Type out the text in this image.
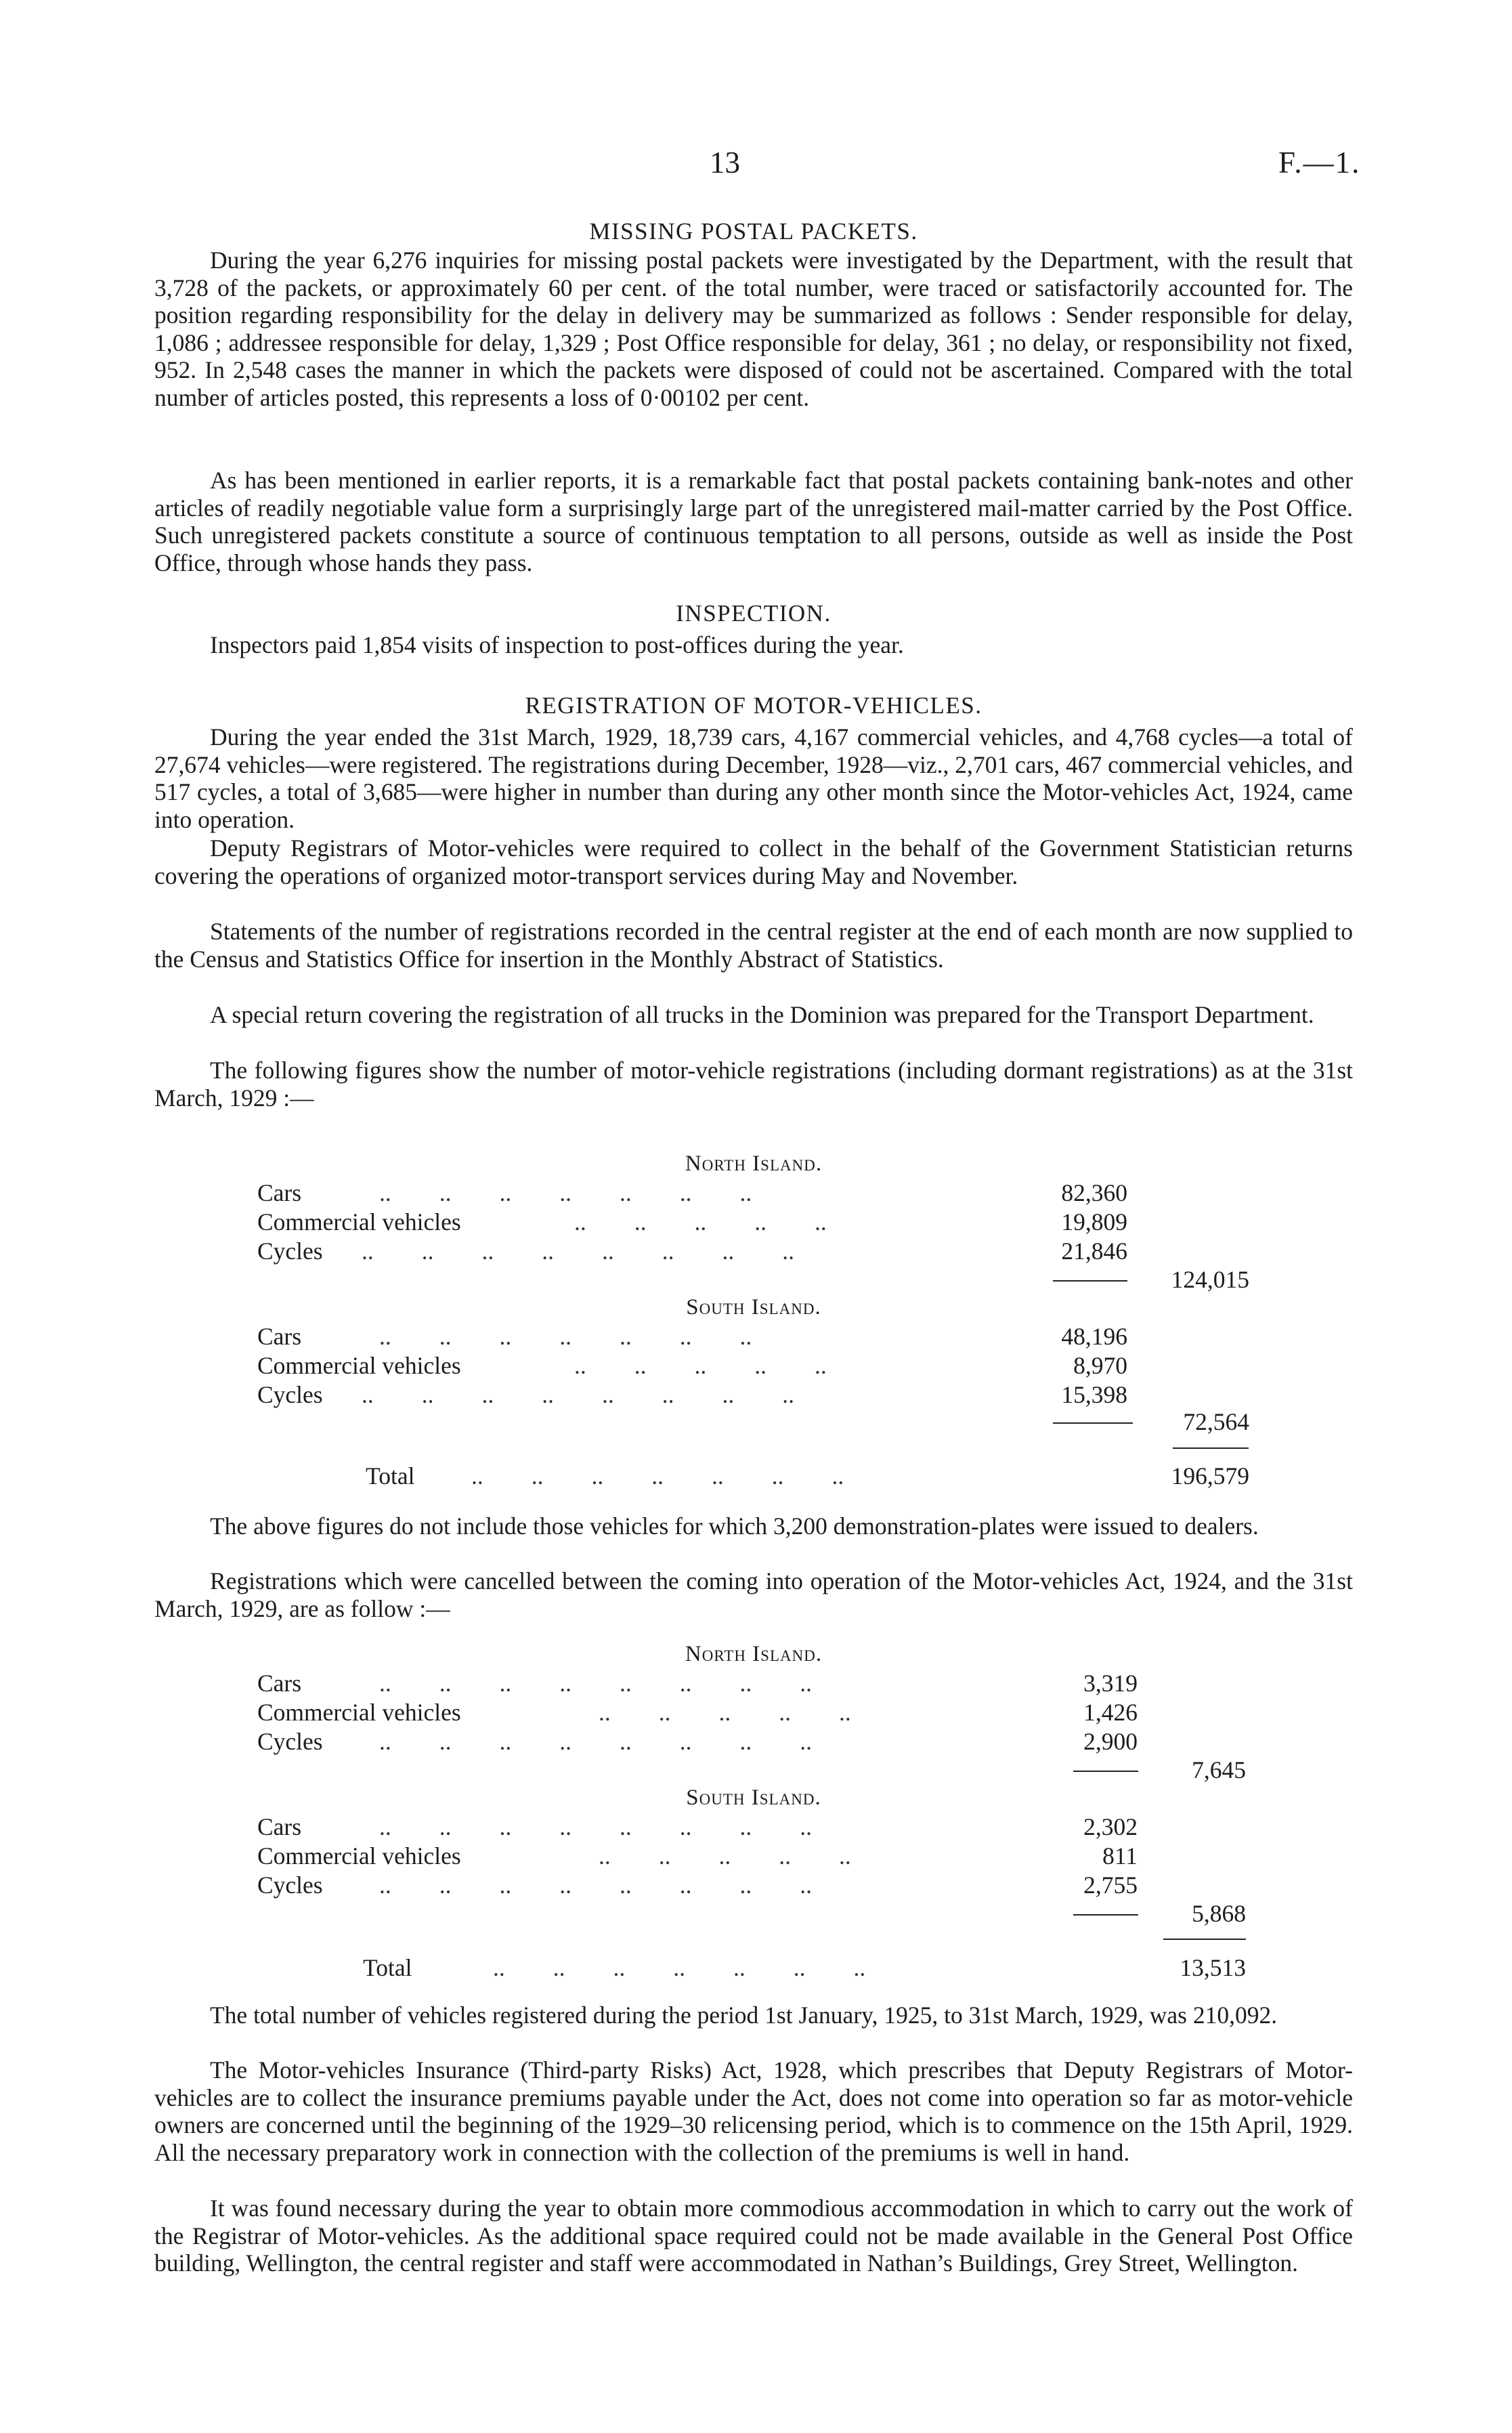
13	F.—1.
MISSING POSTAL PACKETS.

During the year 6,276 inquiries for missing postal packets were investigated by the Department, with the result that 3,728 of the packets, or approximately 60 per cent. of the total number, were traced or satisfactorily accounted for. The position regarding responsibility for the delay in delivery may be summarized as follows : Sender responsible for delay, 1,086 ; addressee responsible for delay, 1,329 ; Post Office responsible for delay, 361 ; no delay, or responsibility not fixed, 952. In 2,548 cases the manner in which the packets were disposed of could not be ascertained. Compared with the total number of articles posted, this represents a loss of 0·00102 per cent.

As has been mentioned in earlier reports, it is a remarkable fact that postal packets containing bank-notes and other articles of readily negotiable value form a surprisingly large part of the unregistered mail-matter carried by the Post Office. Such unregistered packets constitute a source of continuous temptation to all persons, outside as well as inside the Post Office, through whose hands they pass.

INSPECTION.

Inspectors paid 1,854 visits of inspection to post-offices during the year.

REGISTRATION OF MOTOR-VEHICLES.

During the year ended the 31st March, 1929, 18,739 cars, 4,167 commercial vehicles, and 4,768 cycles—a total of 27,674 vehicles—were registered. The registrations during December, 1928—viz., 2,701 cars, 467 commercial vehicles, and 517 cycles, a total of 3,685—were higher in number than during any other month since the Motor-vehicles Act, 1924, came into operation.

Deputy Registrars of Motor-vehicles were required to collect in the behalf of the Government Statistician returns covering the operations of organized motor-transport services during May and November.

Statements of the number of registrations recorded in the central register at the end of each month are now supplied to the Census and Statistics Office for insertion in the Monthly Abstract of Statistics.

A special return covering the registration of all trucks in the Dominion was prepared for the Transport Department.

The following figures show the number of motor-vehicle registrations (including dormant registrations) as at the 31st March, 1929 :—

North Island.
Cars	..  ..  ..  ..  ..  ..  ..	82,360
Commercial vehicles	..  ..  ..  ..  ..	19,809
Cycles ..  ..  ..  ..  ..  ..  ..  ..	21,846
124,015
South Island.
Cars	..  ..  ..  ..  ..  ..  ..	48,196
Commercial vehicles	..  ..  ..  ..  ..	8,970
Cycles ..  ..  ..  ..  ..  ..  ..  ..	15,398
72,564
Total ..  ..  ..  ..  ..  ..  ..	196,579

The above figures do not include those vehicles for which 3,200 demonstration-plates were issued to dealers.

Registrations which were cancelled between the coming into operation of the Motor-vehicles Act, 1924, and the 31st March, 1929, are as follow :—

North Island.
Cars	..  ..  ..  ..  ..  ..  ..  ..	3,319
Commercial vehicles	..  ..  ..  ..  ..	1,426
Cycles ..  ..  ..  ..  ..  ..  ..  ..	2,900
7,645
South Island.
Cars	..  ..  ..  ..  ..  ..  ..  ..	2,302
Commercial vehicles	..  ..  ..  ..  ..	811
Cycles ..  ..  ..  ..  ..  ..  ..  ..	2,755
5,868
Total	..  ..  ..  ..  ..  ..  ..	13,513

The total number of vehicles registered during the period 1st January, 1925, to 31st March, 1929, was 210,092.

The Motor-vehicles Insurance (Third-party Risks) Act, 1928, which prescribes that Deputy Registrars of Motor-vehicles are to collect the insurance premiums payable under the Act, does not come into operation so far as motor-vehicle owners are concerned until the beginning of the 1929–30 relicensing period, which is to commence on the 15th April, 1929. All the necessary preparatory work in connection with the collection of the premiums is well in hand.

It was found necessary during the year to obtain more commodious accommodation in which to carry out the work of the Registrar of Motor-vehicles. As the additional space required could not be made available in the General Post Office building, Wellington, the central register and staff were accommodated in Nathan’s Buildings, Grey Street, Wellington.
